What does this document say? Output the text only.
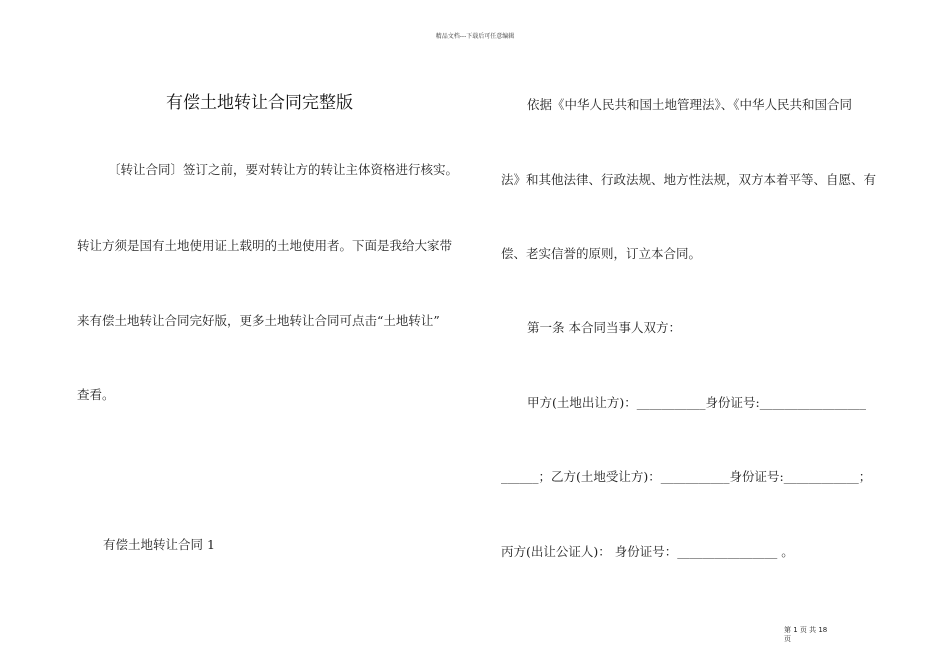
精品文档---下载后可任意编辑
有偿土地转让合同完整版
〔转让合同〕签订之前，要对转让方的转让主体资格进行核实。
转让方须是国有土地使用证上载明的土地使用者。下面是我给大家带
来有偿土地转让合同完好版，更多土地转让合同可点击“土地转让”
查看。
有偿土地转让合同 1
依据《中华人民共和国土地管理法》、《中华人民共和国合同
法》和其他法律、行政法规、地方性法规，双方本着平等、自愿、有
偿、老实信誉的原则，订立本合同。
第一条 本合同当事人双方：
甲方(土地出让方)：___________身份证号:_________________
______；乙方(土地受让方)：___________身份证号:____________；
丙方(出让公证人)： 身份证号：________________ 。
第 1 页 共 18 页
